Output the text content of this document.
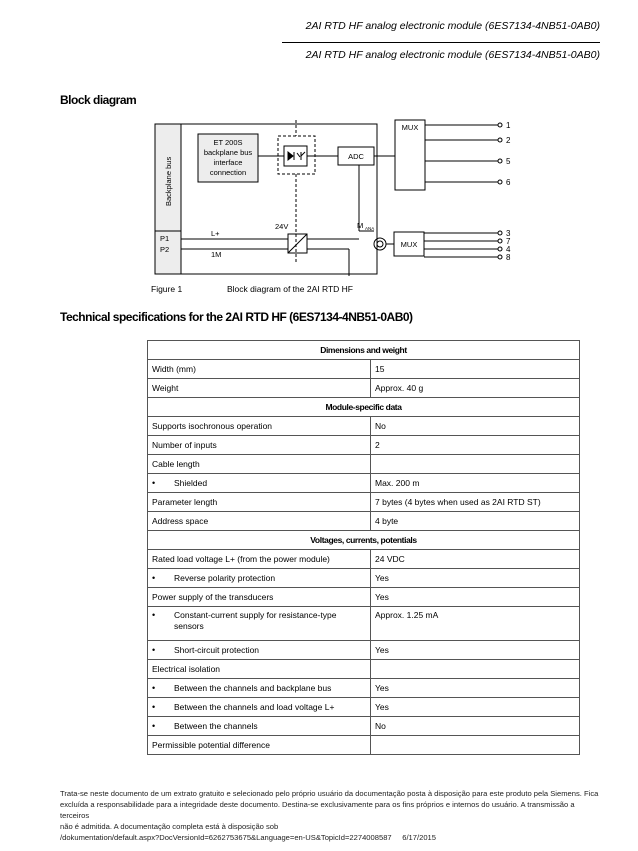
2AI RTD HF analog electronic module (6ES7134-4NB51-0AB0)
2AI RTD HF analog electronic module (6ES7134-4NB51-0AB0)
Block diagram
Backplane bus
ET 200S
backplane bus
interface
connection
ADC
MUX
MUX
P1
P2
L+
24V
1M
M ANA
1
2
5
6
3
7
4
8
Figure 1	Block diagram of the 2AI RTD HF
Technical specifications for the 2AI RTD HF (6ES7134-4NB51-0AB0)
Dimensions and weight	
Width (mm)	15
Weight	Approx. 40 g
Module-specific data	
Supports isochronous operation	No
Number of inputs	2
Cable length	
• Shielded	Max. 200 m
Parameter length	7 bytes (4 bytes when used as 2AI RTD ST)
Address space	4 byte
Voltages, currents, potentials	
Rated load voltage L+ (from the power module)	24 VDC
• Reverse polarity protection	Yes
Power supply of the transducers	Yes
• Constant-current supply for resistance-type sensors	Approx. 1.25 mA
• Short-circuit protection	Yes
Electrical isolation	
• Between the channels and backplane bus	Yes
• Between the channels and load voltage L+	Yes
• Between the channels	No
Permissible potential difference	
Trata-se neste documento de um extrato gratuito e selecionado pelo próprio usuário da documentação posta à disposição para este produto pela Siemens. Fica
excluída a responsabilidade para a integridade deste documento. Destina-se exclusivamente para os fins próprios e internos do usuário. A transmissão a terceiros
não é admitida. A documentação completa está à disposição sob
/dokumentation/default.aspx?DocVersionId=6262753675&Language=en-US&TopicId=2274008587 6/17/2015
